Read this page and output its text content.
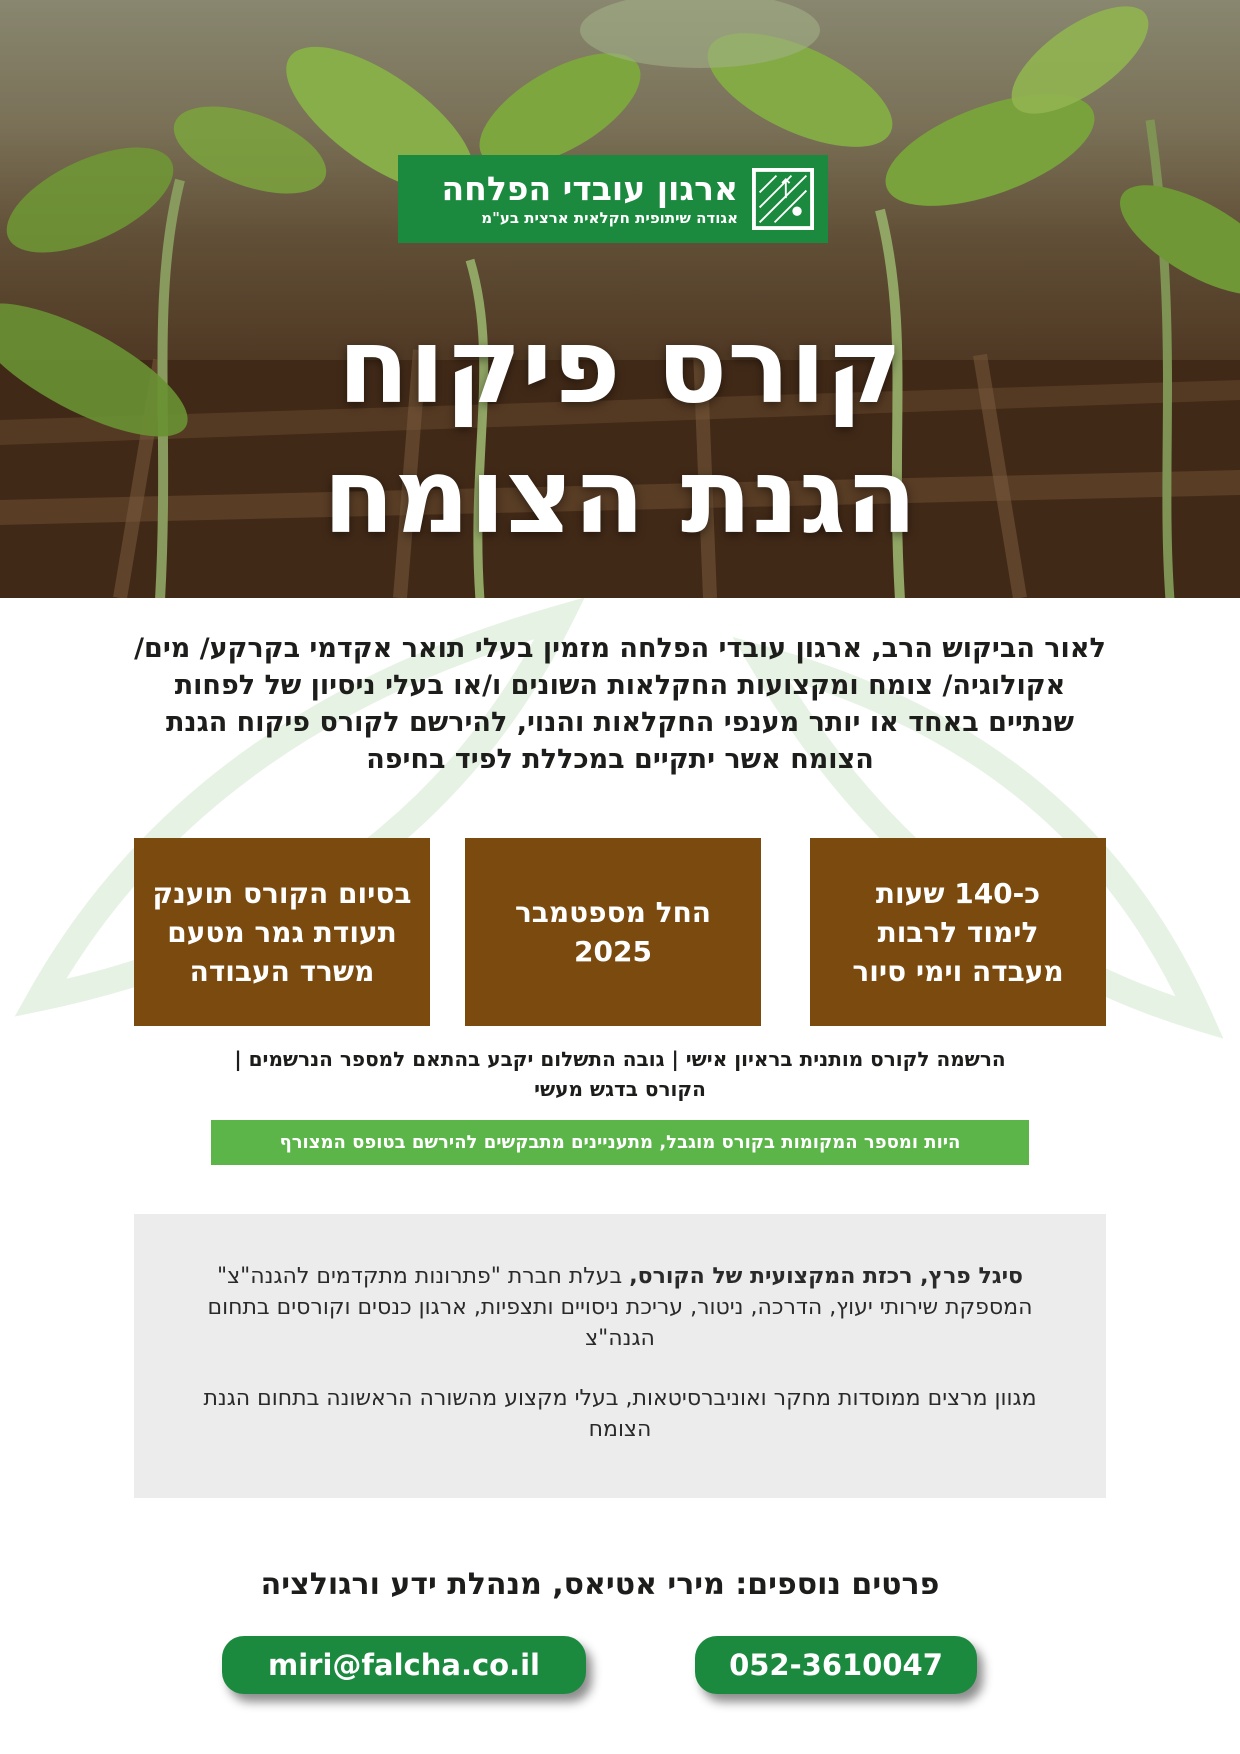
ארגון עובדי הפלחה
אגודה שיתופית חקלאית ארצית בע"מ
קורס פיקוח
הגנת הצומח
לאור הביקוש הרב, ארגון עובדי הפלחה מזמין בעלי תואר אקדמי בקרקע/ מים/ אקולוגיה/ צומח ומקצועות החקלאות השונים ו/או בעלי ניסיון של לפחות שנתיים באחד או יותר מענפי החקלאות והנוי, להירשם לקורס פיקוח הגנת הצומח אשר יתקיים במכללת לפיד בחיפה
כ-140 שעות
לימוד לרבות
מעבדה וימי סיור
החל מספטמבר
2025
בסיום הקורס תוענק
תעודת גמר מטעם
משרד העבודה
הרשמה לקורס מותנית בראיון אישי | גובה התשלום יקבע בהתאם למספר הנרשמים |
הקורס בדגש מעשי
היות ומספר המקומות בקורס מוגבל, מתעניינים מתבקשים להירשם בטופס המצורף
סיגל פרץ, רכזת המקצועית של הקורס, בעלת חברת "פתרונות מתקדמים להגנה"צ" המספקת שירותי יעוץ, הדרכה, ניטור, עריכת ניסויים ותצפיות, ארגון כנסים וקורסים בתחום הגנה"צ
מגוון מרצים ממוסדות מחקר ואוניברסיטאות, בעלי מקצוע מהשורה הראשונה בתחום הגנת הצומח
פרטים נוספים: מירי אטיאס, מנהלת ידע ורגולציה
miri@falcha.co.il	052-3610047
